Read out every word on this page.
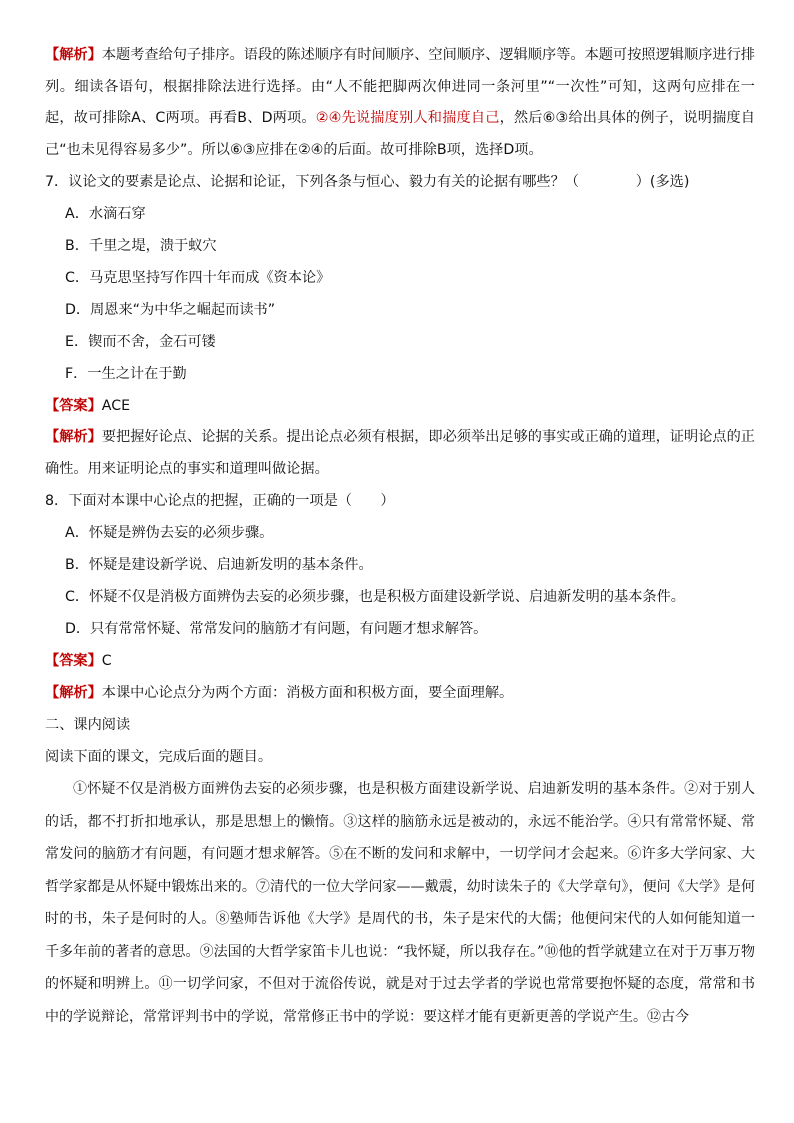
【解析】本题考查给句子排序。语段的陈述顺序有时间顺序、空间顺序、逻辑顺序等。本题可按照逻辑顺序进行排列。细读各语句，根据排除法进行选择。由“人不能把脚两次伸进同一条河里”“一次性”可知，这两句应排在一起，故可排除A、C两项。再看B、D两项。②④先说揣度别人和揣度自己，然后⑥③给出具体的例子，说明揣度自己“也未见得容易多少”。所以⑥③应排在②④的后面。故可排除B项，选择D项。

7．议论文的要素是论点、论据和论证，下列各条与恒心、毅力有关的论据有哪些？（　　　　）(多选)

A．水滴石穿

B．千里之堤，溃于蚁穴

C．马克思坚持写作四十年而成《资本论》

D．周恩来“为中华之崛起而读书”

E．锲而不舍，金石可镂

F．一生之计在于勤

【答案】ACE

【解析】要把握好论点、论据的关系。提出论点必须有根据，即必须举出足够的事实或正确的道理，证明论点的正确性。用来证明论点的事实和道理叫做论据。

8．下面对本课中心论点的把握，正确的一项是（　　）

A．怀疑是辨伪去妄的必须步骤。

B．怀疑是建设新学说、启迪新发明的基本条件。

C．怀疑不仅是消极方面辨伪去妄的必须步骤，也是积极方面建设新学说、启迪新发明的基本条件。

D．只有常常怀疑、常常发问的脑筋才有问题，有问题才想求解答。

【答案】C

【解析】本课中心论点分为两个方面：消极方面和积极方面，要全面理解。

二、课内阅读

阅读下面的课文，完成后面的题目。

①怀疑不仅是消极方面辨伪去妄的必须步骤，也是积极方面建设新学说、启迪新发明的基本条件。②对于别人的话，都不打折扣地承认，那是思想上的懒惰。③这样的脑筋永远是被动的，永远不能治学。④只有常常怀疑、常常发问的脑筋才有问题，有问题才想求解答。⑤在不断的发问和求解中，一切学问才会起来。⑥许多大学问家、大哲学家都是从怀疑中锻炼出来的。⑦清代的一位大学问家——戴震，幼时读朱子的《大学章句》，便问《大学》是何时的书，朱子是何时的人。⑧塾师告诉他《大学》是周代的书，朱子是宋代的大儒；他便问宋代的人如何能知道一千多年前的著者的意思。⑨法国的大哲学家笛卡儿也说：“我怀疑，所以我存在。”⑩他的哲学就建立在对于万事万物的怀疑和明辨上。⑪一切学问家，不但对于流俗传说，就是对于过去学者的学说也常常要抱怀疑的态度，常常和书中的学说辩论，常常评判书中的学说，常常修正书中的学说：要这样才能有更新更善的学说产生。⑫古今
